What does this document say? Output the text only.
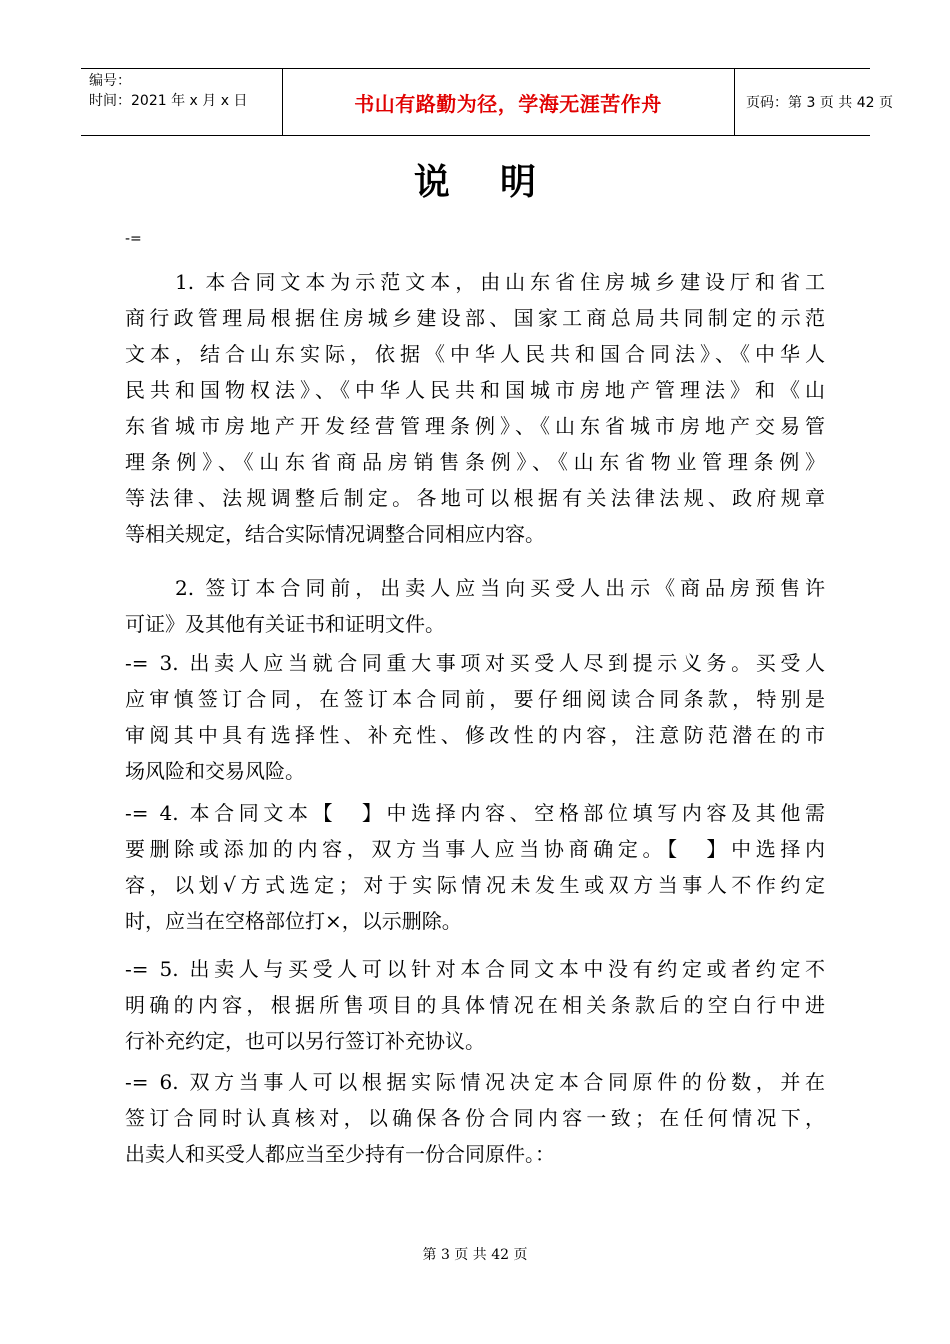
编号：
时间：2021 年 x 月 x 日	书山有路勤为径，学海无涯苦作舟	页码：第 3 页 共 42 页
说    明
-=
　　1. 本合同文本为示范文本，由山东省住房城乡建设厅和省工
商行政管理局根据住房城乡建设部、国家工商总局共同制定的示范
文本，结合山东实际，依据《中华人民共和国合同法》、《中华人
民共和国物权法》、《中华人民共和国城市房地产管理法》和《山
东省城市房地产开发经营管理条例》、《山东省城市房地产交易管
理条例》、《山东省商品房销售条例》、《山东省物业管理条例》
等法律、法规调整后制定。各地可以根据有关法律法规、政府规章
等相关规定，结合实际情况调整合同相应内容。
　　2. 签订本合同前，出卖人应当向买受人出示《商品房预售许
可证》及其他有关证书和证明文件。
-= 3. 出卖人应当就合同重大事项对买受人尽到提示义务。买受人
应审慎签订合同，在签订本合同前，要仔细阅读合同条款，特别是
审阅其中具有选择性、补充性、修改性的内容，注意防范潜在的市
场风险和交易风险。
-= 4. 本合同文本【　】中选择内容、空格部位填写内容及其他需
要删除或添加的内容，双方当事人应当协商确定。【　】中选择内
容，以划√方式选定；对于实际情况未发生或双方当事人不作约定
时，应当在空格部位打×，以示删除。
-= 5. 出卖人与买受人可以针对本合同文本中没有约定或者约定不
明确的内容，根据所售项目的具体情况在相关条款后的空白行中进
行补充约定，也可以另行签订补充协议。
-= 6. 双方当事人可以根据实际情况决定本合同原件的份数，并在
签订合同时认真核对，以确保各份合同内容一致；在任何情况下，
出卖人和买受人都应当至少持有一份合同原件。：
第 3 页 共 42 页
